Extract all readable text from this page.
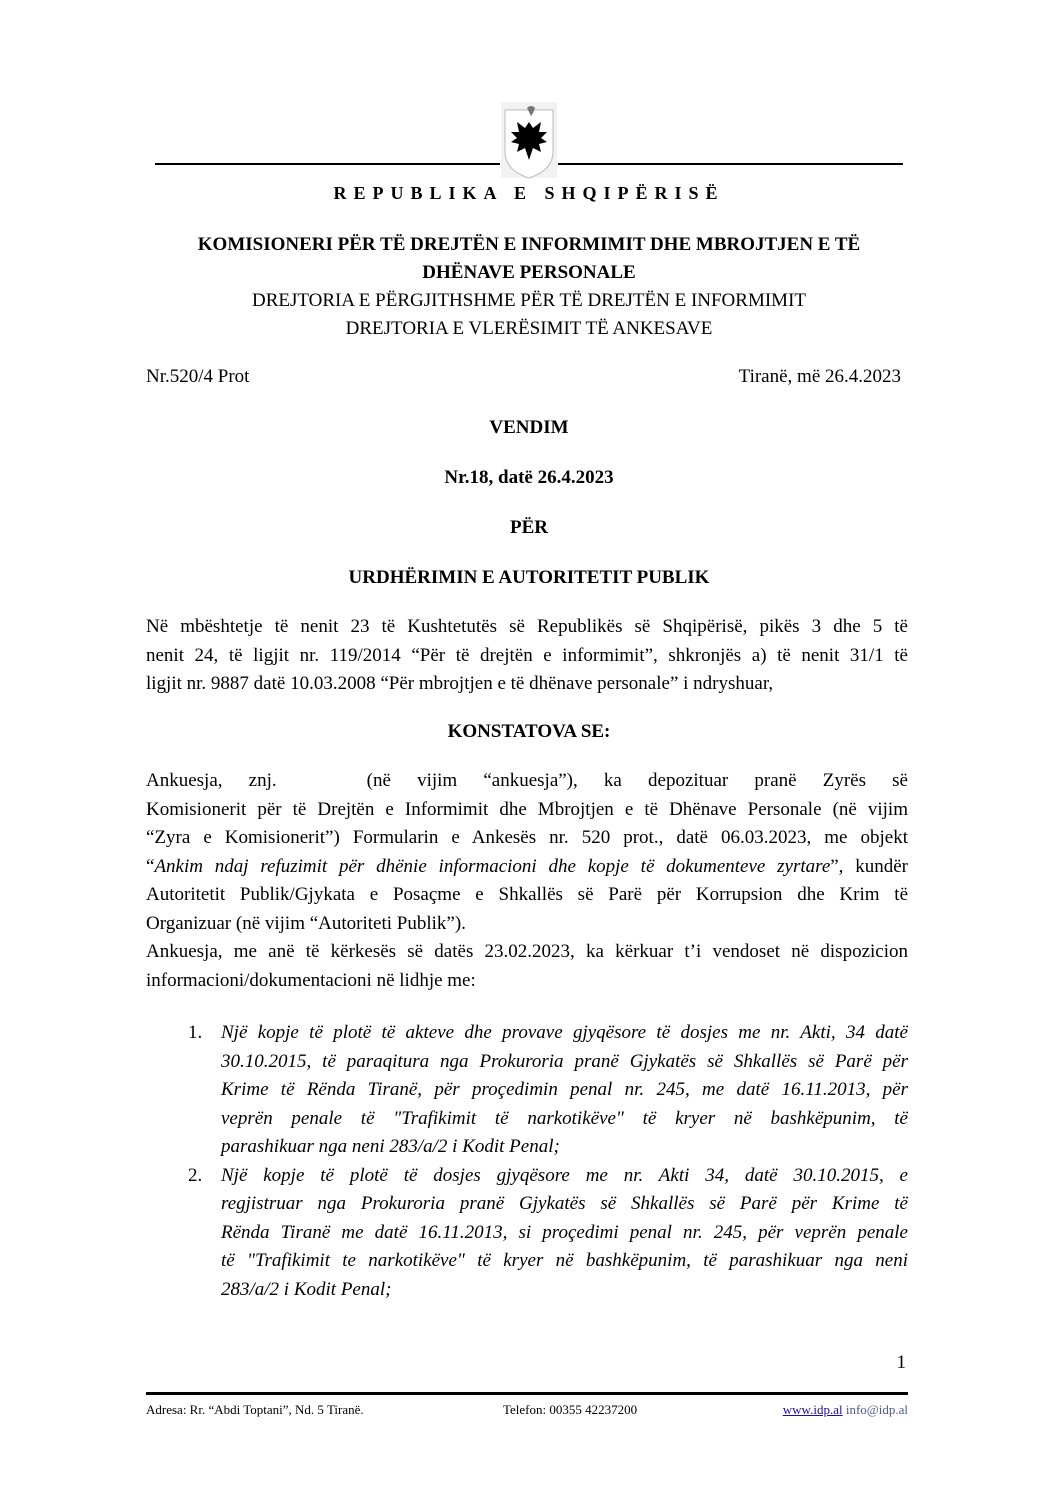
REPUBLIKA E SHQIPËRISË
KOMISIONERI PËR TË DREJTËN E INFORMIMIT DHE MBROJTJEN E TË
DHËNAVE PERSONALE
DREJTORIA E PËRGJITHSHME PËR TË DREJTËN E INFORMIMIT
DREJTORIA E VLERËSIMIT TË ANKESAVE
Nr.520/4 Prot	Tiranë, më 26.4.2023
VENDIM
Nr.18, datë 26.4.2023
PËR
URDHËRIMIN E AUTORITETIT PUBLIK
Në mbështetje të nenit 23 të Kushtetutës së Republikës së Shqipërisë, pikës 3 dhe 5 të
nenit 24, të ligjit nr. 119/2014 “Për të drejtën e informimit”, shkronjës a) të nenit 31/1 të
ligjit nr. 9887 datë 10.03.2008 “Për mbrojtjen e të dhënave personale” i ndryshuar,
KONSTATOVA SE:
Ankuesja, znj.	(në vijim “ankuesja”), ka depozituar pranë Zyrës së
Komisionerit për të Drejtën e Informimit dhe Mbrojtjen e të Dhënave Personale (në vijim
“Zyra e Komisionerit”) Formularin e Ankesës nr. 520 prot., datë 06.03.2023, me objekt
“Ankim ndaj refuzimit për dhënie informacioni dhe kopje të dokumenteve zyrtare”, kundër
Autoritetit Publik/Gjykata e Posaçme e Shkallës së Parë për Korrupsion dhe Krim të
Organizuar (në vijim “Autoriteti Publik”).
Ankuesja, me anë të kërkesës së datës 23.02.2023, ka kërkuar t’i vendoset në dispozicion
informacioni/dokumentacioni në lidhje me:
1. Një kopje të plotë të akteve dhe provave gjyqësore të dosjes me nr. Akti, 34 datë
30.10.2015, të paraqitura nga Prokuroria pranë Gjykatës së Shkallës së Parë për
Krime të Rënda Tiranë, për proçedimin penal nr. 245, me datë 16.11.2013, për
veprën penale të "Trafikimit të narkotikëve" të kryer në bashkëpunim, të
parashikuar nga neni 283/a/2 i Kodit Penal;
2. Një kopje të plotë të dosjes gjyqësore me nr. Akti 34, datë 30.10.2015, e
regjistruar nga Prokuroria pranë Gjykatës së Shkallës së Parë për Krime të
Rënda Tiranë me datë 16.11.2013, si proçedimi penal nr. 245, për veprën penale
të "Trafikimit te narkotikëve" të kryer në bashkëpunim, të parashikuar nga neni
283/a/2 i Kodit Penal;
1
Adresa: Rr. “Abdi Toptani”, Nd. 5 Tiranë.	Telefon: 00355 42237200	www.idp.al info@idp.al
